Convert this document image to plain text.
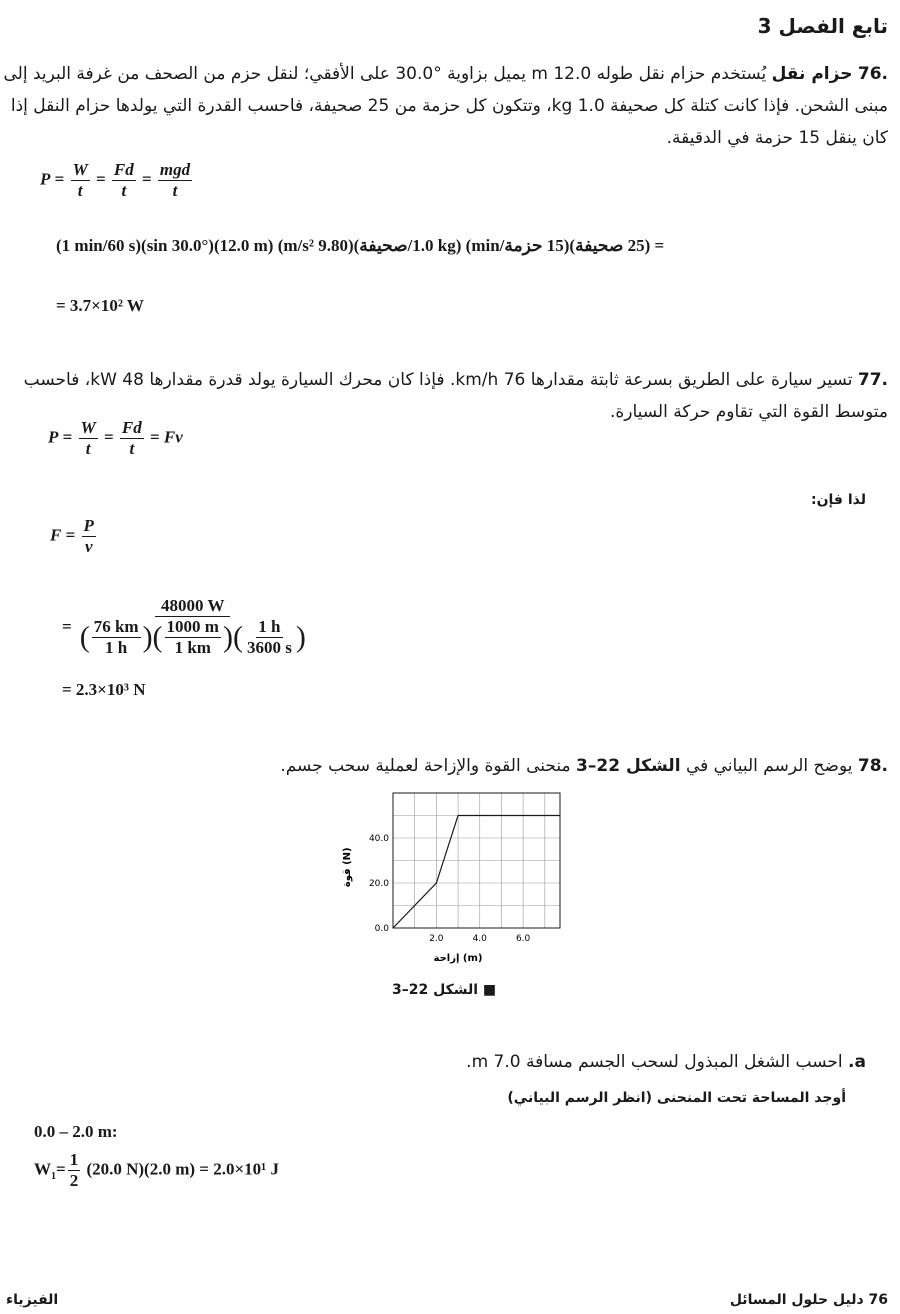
تابع الفصل 3
.76 حزام نقل يُستخدم حزام نقل طوله 12.0 m يميل بزاوية °30.0 على الأفقي؛ لنقل حزم من الصحف من غرفة البريد إلى مبنى الشحن. فإذا كانت كتلة كل صحيفة 1.0 kg، وتتكون كل حزمة من 25 صحيفة، فاحسب القدرة التي يولدها حزام النقل إذا كان ينقل 15 حزمة في الدقيقة.
$P = \frac{W}{t} = \frac{Fd}{t} = \frac{\text{mgd}}{t}$
= (25 صحيفة)(15 حزمة/min) (1.0 kg/صحيفة)(9.80 m/s²) (12.0 m)(sin 30.0°)(1 min/60 s)
= 3.7×10² W
.77 تسير سيارة على الطريق بسرعة ثابتة مقدارها 76 km/h. فإذا كان محرك السيارة يولد قدرة مقدارها 48 kW، فاحسب متوسط القوة التي تقاوم حركة السيارة.
$P = \frac{W}{t} = \frac{Fd}{t} = Fv$
لذا فإن:
$F = \frac{P}{v}$
= $\frac{48000 W}{( \frac{76 km}{1 h} )( \frac{1000 m}{1 km} )( \frac{1 h}{3600 s} )}$
= 2.3×10³ N
.78 يوضح الرسم البياني في الشكل 22–3 منحنى القوة والإزاحة لعملية سحب جسم.
0.0
20.0
40.0
2.0	4.0	6.0
قوة (N)
إزاحة (m)
■ الشكل 22–3
a. احسب الشغل المبذول لسحب الجسم مسافة 7.0 m.
أوجد المساحة تحت المنحنى (انظر الرسم البياني)
0.0 – 2.0 m:
$W_1= \frac{1}{2} (20.0$ N)(2.0 m) = 2.0×10¹ J
الفيزياء	76 دليل حلول المسائل
